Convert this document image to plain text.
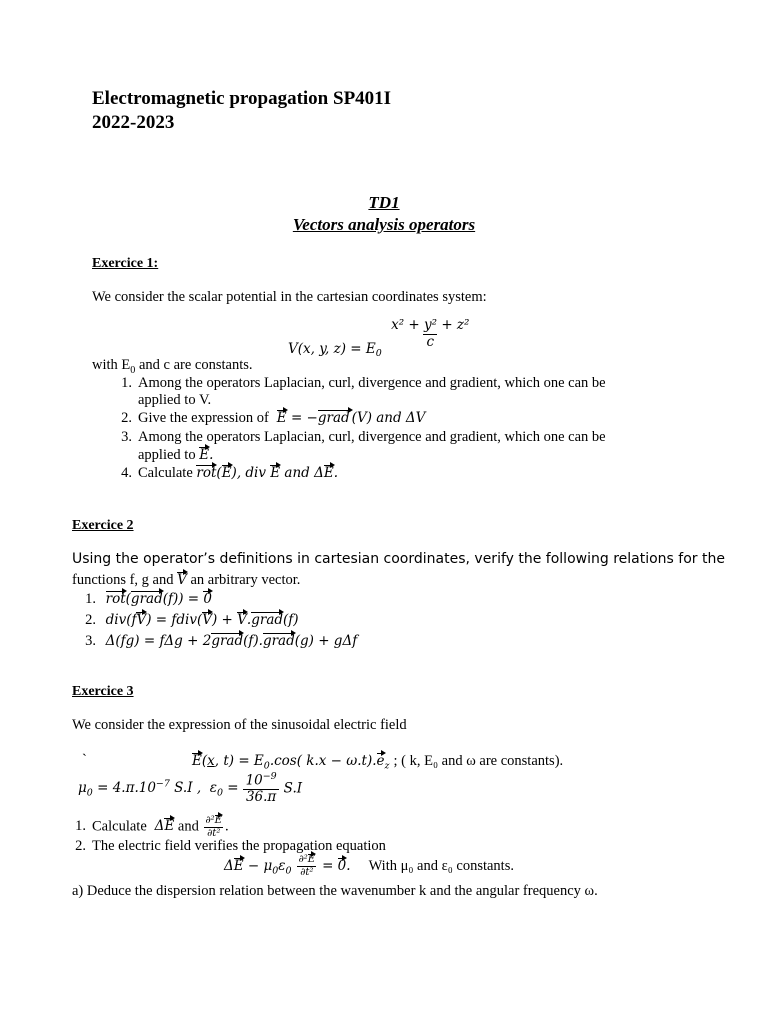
Electromagnetic propagation SP401I
2022-2023
TD1
Vectors analysis operators
Exercice 1:
We consider the scalar potential in the cartesian coordinates system:
V(x, y, $z) = E_0$
$\frac{\text{x² + y² + z²}}{c}$
with $E_0$ and c are constants.
1. Among the operators Laplacian, curl, divergence and gradient, which one can be
applied to V.
2. Give the expression of E = −grad (V) and ΔV
3. Among the operators Laplacian, curl, divergence and gradient, which one can be
applied to E.
4. Calculate rot(E), div E and ΔE.
Exercice 2
Using the operator’s definitions in cartesian coordinates, verify the following relations for the
functions f, g and V an arbitrary vector.
1. rot(grad(f)) = 0
2. div(fV) = fdiv(V) + V.grad(f)
3. Δ(fg) = fΔg + 2grad(f).grad(g) + gΔf
Exercice 3
We consider the expression of the sinusoidal electric field
`	E(x, $t) = E_0.\cos$( $k.x - \omega.t).e_z$ ; ( k, E₀ and ω are constants).
$\mu_0 = 4.\pi.10^{-7}$ S.I ,  $\varepsilon_0 = \frac{10^{-9}}{36.\pi} S.I$
1. Calculate  ΔE and $\frac{\text{∂²E}}{\text{∂t²}}$ .
2. The electric field verifies the propagation equation
$\Delta E - \mu_0\varepsilon_0 \frac{\text{∂²E}}{\text{∂t²}} = 0$. With μ₀ and ε₀ constants.
a) Deduce the dispersion relation between the wavenumber k and the angular frequency ω.
